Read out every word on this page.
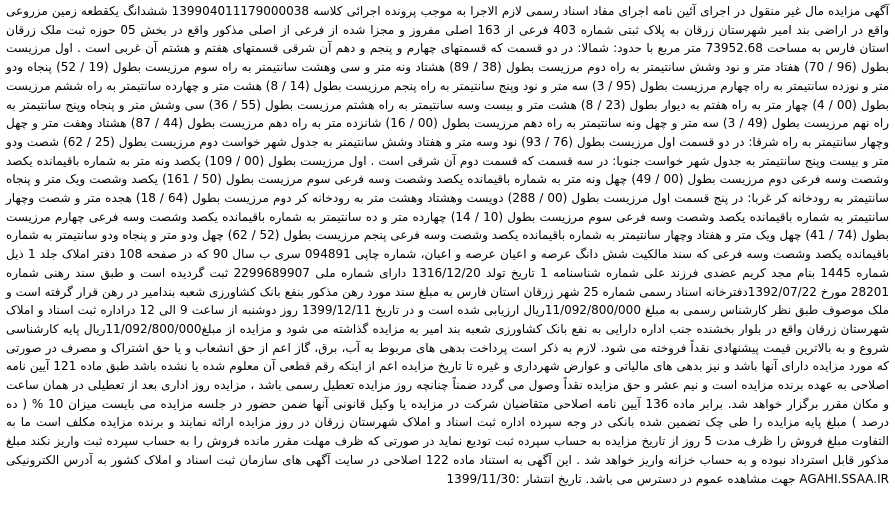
آگهی مزایده مال غیر منقول در اجرای آئین نامه اجرای مفاد اسناد رسمی لازم الاجرا به موجب پرونده اجرائی کلاسه 139904011179000038 ششدانگ یکقطعه زمین مزروعی واقع در اراضی بند امیر شهرستان زرقان به پلاک ثبتی شماره 403 فرعی از 163 اصلی مفروز و مجزا شده از فرعی از اصلی مذکور واقع در بخش 05 حوزه ثبت ملک زرقان استان فارس به مساحت 73952.68 متر مربع با حدود: شمالا: در دو قسمت که قسمتهای چهارم و پنجم و دهم آن شرقی قسمتهای هفتم و هشتم آن غربی است . اول مرزیست بطول (96 / 70) هفتاد متر و نود وشش سانتیمتر به راه دوم مرزیست بطول (38 / 89) هشتاد ونه متر و سی وهشت سانتیمتر به راه سوم مرزیست بطول (19 / 52) پنجاه ودو متر و نوزده سانتیمتر به راه چهارم مرزیست بطول (95 / 3) سه متر و نود وپنج سانتیمتر به راه پنجم مرزیست بطول (14 / 8) هشت متر و چهارده سانتیمتر به راه ششم مرزیست بطول (00 / 4) چهار متر به راه هفتم به دیوار بطول (23 / 8) هشت متر و بیست وسه سانتیمتر به راه هشتم مرزیست بطول (55 / 36) سی وشش متر و پنجاه وپنج سانتیمتر به راه نهم مرزیست بطول (49 / 3) سه متر و چهل ونه سانتیمتر به راه دهم مرزیست بطول (00 / 16) شانزده متر به راه دهم مرزیست بطول (44 / 87) هشتاد وهفت متر و چهل وچهار سانتیمتر به راه شرقا: در دو قسمت اول مرزیست بطول (76 / 93) نود وسه متر و هفتاد وشش سانتیمتر به جدول شهر خواست دوم مرزیست بطول (25 / 62) شصت ودو متر و بیست وپنج سانتیمتر به جدول شهر خواست جنوبا: در سه قسمت که قسمت دوم آن شرقی است . اول مرزیست بطول (00 / 109) یکصد ونه متر به شماره باقیمانده یکصد وشصت وسه فرعی دوم مرزیست بطول (00 / 49) چهل ونه متر به شماره باقیمانده یکصد وشصت وسه فرعی سوم مرزیست بطول (50 / 161) یکصد وشصت ویک متر و پنجاه سانتیمتر به رودخانه کر غربا: در پنج قسمت اول مرزیست بطول (00 / 288) دویست وهشتاد وهشت متر به رودخانه کر دوم مرزیست بطول (64 / 18) هجده متر و شصت وچهار سانتیمتر به شماره باقیمانده یکصد وشصت وسه فرعی سوم مرزیست بطول (10 / 14) چهارده متر و ده سانتیمتر به شماره باقیمانده یکصد وشصت وسه فرعی چهارم مرزیست بطول (74 / 41) چهل ویک متر و هفتاد وچهار سانتیمتر به شماره باقیمانده یکصد وشصت وسه فرعی پنجم مرزیست بطول (52 / 62) چهل ودو متر و پنجاه ودو سانتیمتر به شماره باقیمانده یکصد وشصت وسه فرعی که سند مالکیت شش دانگ عرصه و اعیان عرصه و اعیان، شماره چاپی 094891 سری ب سال 90 که در صفحه 108 دفتر املاک جلد 1 ذیل شماره 1445 بنام مجد کریم عضدی فرزند علی شماره شناسنامه 1 تاریخ تولد 1316/12/20 دارای شماره ملی 2299689907 ثبت گردیده است و طبق سند رهنی شماره 28201 مورخ 1392/07/22دفترخانه اسناد رسمی شماره 25 شهر زرقان استان فارس به مبلغ سند مورد رهن مذکور بنفع بانک کشاورزی شعبه بندامیر در رهن قرار گرفته است و ملک موصوف طبق نظر کارشناس رسمی به مبلغ 11/092/800/000ریال ارزیابی شده است و در تاریخ 1399/12/11 روز دوشنبه از ساعت 9 الی 12 دراداره ثبت اسناد و املاک شهرستان زرقان واقع در بلوار بخشنده جنب اداره دارایی به نفع بانک کشاورزی شعبه بند امیر به مزایده گذاشته می شود و مزایده از مبلغ11/092/800/000ریال پایه کارشناسی شروع و به بالاترین قیمت پیشنهادی نقداً فروخته می شود. لازم به ذکر است پرداخت بدهی های مربوط به آب، برق، گاز اعم از حق انشعاب و یا حق اشتراک و مصرف در صورتی که مورد مزایده دارای آنها باشد و نیز بدهی های مالیاتی و عوارض شهرداری و غیره تا تاریخ مزایده اعم از اینکه رقم قطعی آن معلوم شده یا نشده باشد طبق ماده 121 آیین نامه اصلاحی به عهده برنده مزایده است و نیم عشر و حق مزایده نقداً وصول می گردد ضمناً چنانچه روز مزایده تعطیل رسمی باشد ، مزایده روز اداری بعد از تعطیلی در همان ساعت و مکان مقرر برگزار خواهد شد. برابر ماده 136 آیین نامه اصلاحی متقاضیان شرکت در مزایده یا وکیل قانونی آنها ضمن حضور در جلسه مزایده می بایست میزان 10 % ( ده درصد ) مبلغ پایه مزایده را طی چک تضمین شده بانکی در وجه سپرده اداره ثبت اسناد و املاک شهرستان زرقان در روز مزایده ارائه نمایند و برنده مزایده مکلف است ما به التفاوت مبلغ فروش را ظرف مدت 5 روز از تاریخ مزایده به حساب سپرده ثبت تودیع نماید در صورتی که ظرف مهلت مقرر مانده فروش را به حساب سپرده ثبت واریز نکند مبلغ مذکور قابل استرداد نبوده و به حساب خزانه واریز خواهد شد . این آگهی به استناد ماده 122 اصلاحی در سایت آگهی های سازمان ثبت اسناد و املاک کشور به آدرس الکترونیکی AGAHI.SSAA.IR جهت مشاهده عموم در دسترس می باشد. تاریخ انتشار :1399/11/30
